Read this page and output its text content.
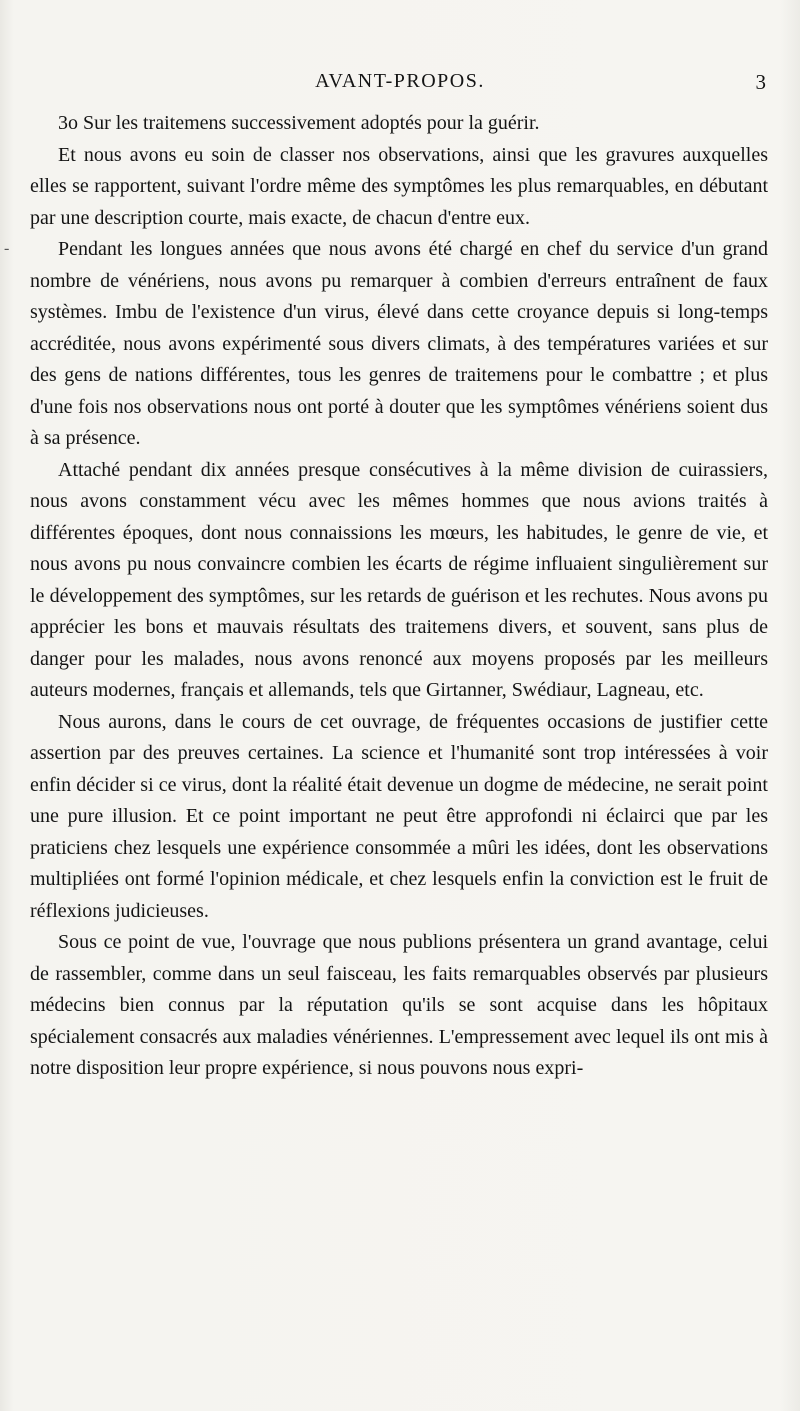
AVANT-PROPOS.	3
-

3o Sur les traitemens successivement adoptés pour la guérir.

Et nous avons eu soin de classer nos observations, ainsi que les gravures auxquelles elles se rapportent, suivant l'ordre même des symptômes les plus remarquables, en débutant par une description courte, mais exacte, de chacun d'entre eux.

Pendant les longues années que nous avons été chargé en chef du service d'un grand nombre de vénériens, nous avons pu remarquer à combien d'erreurs entraînent de faux systèmes. Imbu de l'existence d'un virus, élevé dans cette croyance depuis si long-temps accréditée, nous avons expérimenté sous divers climats, à des températures variées et sur des gens de nations différentes, tous les genres de traitemens pour le combattre ; et plus d'une fois nos observations nous ont porté à douter que les symptômes vénériens soient dus à sa présence.

Attaché pendant dix années presque consécutives à la même division de cuirassiers, nous avons constamment vécu avec les mêmes hommes que nous avions traités à différentes époques, dont nous connaissions les mœurs, les habitudes, le genre de vie, et nous avons pu nous convaincre combien les écarts de régime influaient singulièrement sur le développement des symptômes, sur les retards de guérison et les rechutes. Nous avons pu apprécier les bons et mauvais résultats des traitemens divers, et souvent, sans plus de danger pour les malades, nous avons renoncé aux moyens proposés par les meilleurs auteurs modernes, français et allemands, tels que Girtanner, Swédiaur, Lagneau, etc.

Nous aurons, dans le cours de cet ouvrage, de fréquentes occasions de justifier cette assertion par des preuves certaines. La science et l'humanité sont trop intéressées à voir enfin décider si ce virus, dont la réalité était devenue un dogme de médecine, ne serait point une pure illusion. Et ce point important ne peut être approfondi ni éclairci que par les praticiens chez lesquels une expérience consommée a mûri les idées, dont les observations multipliées ont formé l'opinion médicale, et chez lesquels enfin la conviction est le fruit de réflexions judicieuses.

Sous ce point de vue, l'ouvrage que nous publions présentera un grand avantage, celui de rassembler, comme dans un seul faisceau, les faits remarquables observés par plusieurs médecins bien connus par la réputation qu'ils se sont acquise dans les hôpitaux spécialement consacrés aux maladies vénériennes. L'empressement avec lequel ils ont mis à notre disposition leur propre expérience, si nous pouvons nous expri-
